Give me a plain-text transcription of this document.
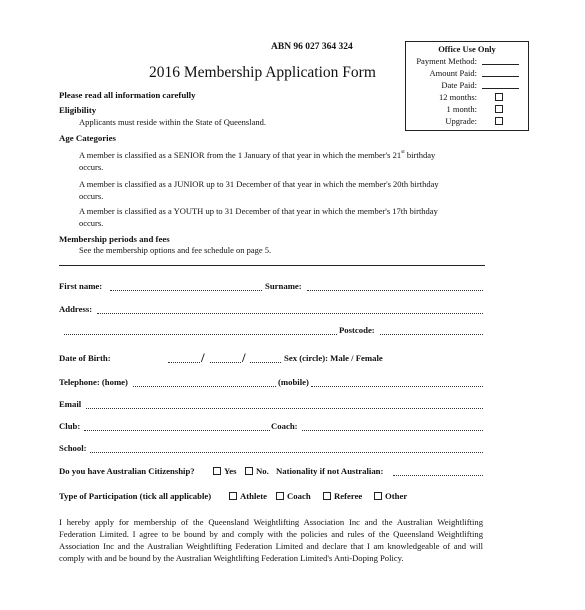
ABN 96 027 364 324
2016 Membership Application Form
Office Use Only
Payment Method:
Amount Paid:
Date Paid:
12 months:
1 month:
Upgrade:
Please read all information carefully
Eligibility
Applicants must reside within the State of Queensland.
Age Categories
A member is classified as a SENIOR from the 1 January of that year in which the member's 21st birthday
occurs.
A member is classified as a JUNIOR up to 31 December of that year in which the member's 20th birthday
occurs.
A member is classified as a YOUTH up to 31 December of that year in which the member's 17th birthday
occurs.
Membership periods and fees
See the membership options and fee schedule on page 5.
First name:	Surname:
Address:
Postcode:
Date of Birth:	/	/	Sex (circle): Male / Female
Telephone: (home)	(mobile)
Email
Club:	Coach:
School:
Do you have Australian Citizenship?	Yes No. Nationality if not Australian:
Type of Participation (tick all applicable)	Athlete Coach	Referee	Other
I hereby apply for membership of the Queensland Weightlifting Association Inc and the Australian Weightlifting Federation Limited. I agree to be bound by and comply with the policies and rules of the Queensland Weightlifting Association Inc and the Australian Weightlifting Federation Limited and declare that I am knowledgeable of and will comply with and be bound by the Australian Weightlifting Federation Limited's Anti-Doping Policy.
